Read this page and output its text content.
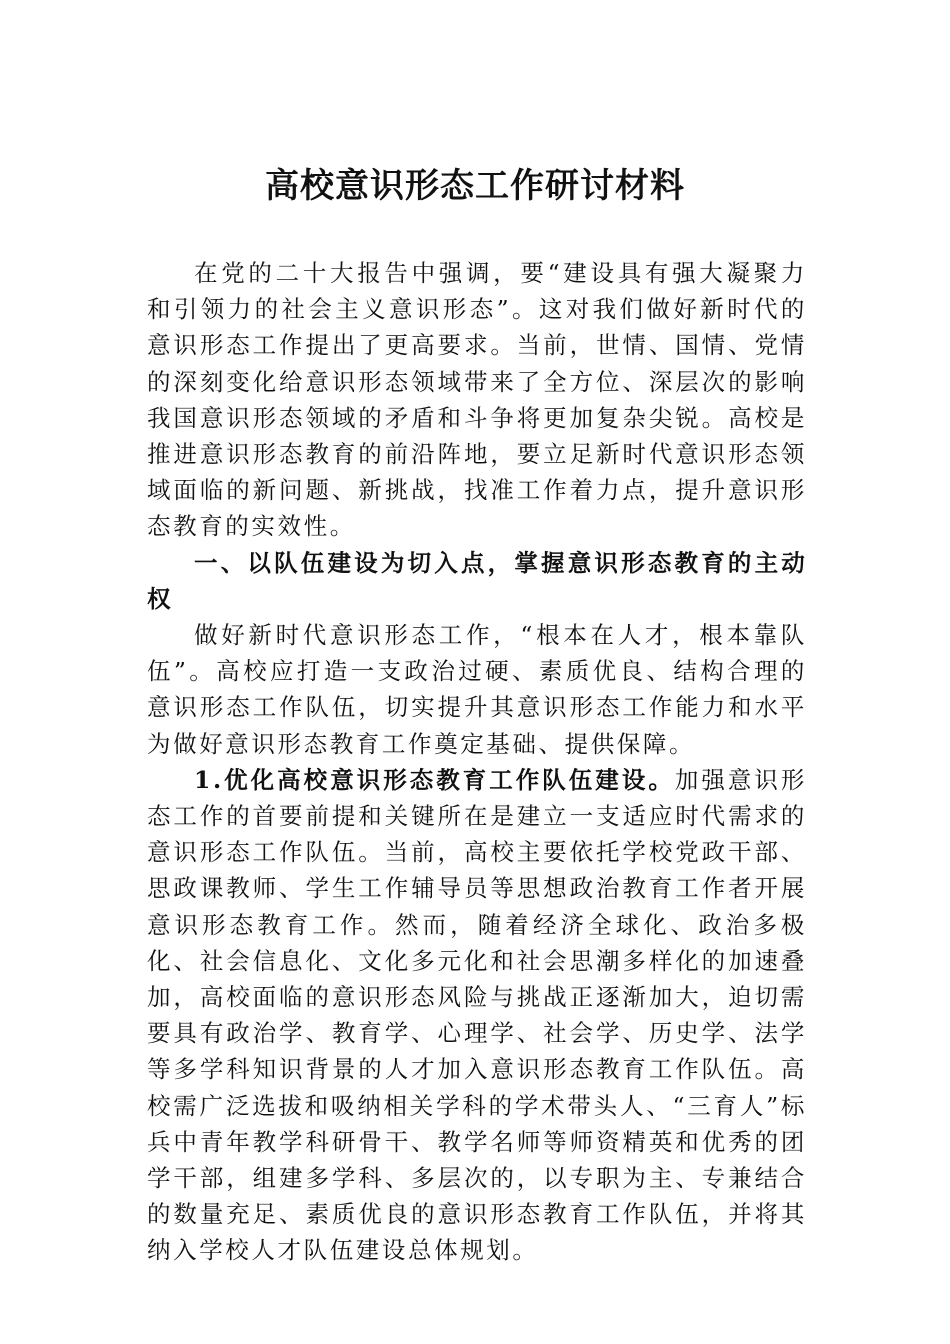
高校意识形态工作研讨材料

在党的二十大报告中强调，要“建设具有强大凝聚力和引领力的社会主义意识形态”。这对我们做好新时代的意识形态工作提出了更高要求。当前，世情、国情、党情的深刻变化给意识形态领域带来了全方位、深层次的影响我国意识形态领域的矛盾和斗争将更加复杂尖锐。高校是推进意识形态教育的前沿阵地，要立足新时代意识形态领域面临的新问题、新挑战，找准工作着力点，提升意识形态教育的实效性。

一、以队伍建设为切入点，掌握意识形态教育的主动权

做好新时代意识形态工作，“根本在人才，根本靠队伍”。高校应打造一支政治过硬、素质优良、结构合理的意识形态工作队伍，切实提升其意识形态工作能力和水平为做好意识形态教育工作奠定基础、提供保障。

1.优化高校意识形态教育工作队伍建设。加强意识形态工作的首要前提和关键所在是建立一支适应时代需求的意识形态工作队伍。当前，高校主要依托学校党政干部、思政课教师、学生工作辅导员等思想政治教育工作者开展意识形态教育工作。然而，随着经济全球化、政治多极化、社会信息化、文化多元化和社会思潮多样化的加速叠加，高校面临的意识形态风险与挑战正逐渐加大，迫切需要具有政治学、教育学、心理学、社会学、历史学、法学等多学科知识背景的人才加入意识形态教育工作队伍。高校需广泛选拔和吸纳相关学科的学术带头人、“三育人”标兵中青年教学科研骨干、教学名师等师资精英和优秀的团学干部，组建多学科、多层次的，以专职为主、专兼结合的数量充足、素质优良的意识形态教育工作队伍，并将其纳入学校人才队伍建设总体规划。
